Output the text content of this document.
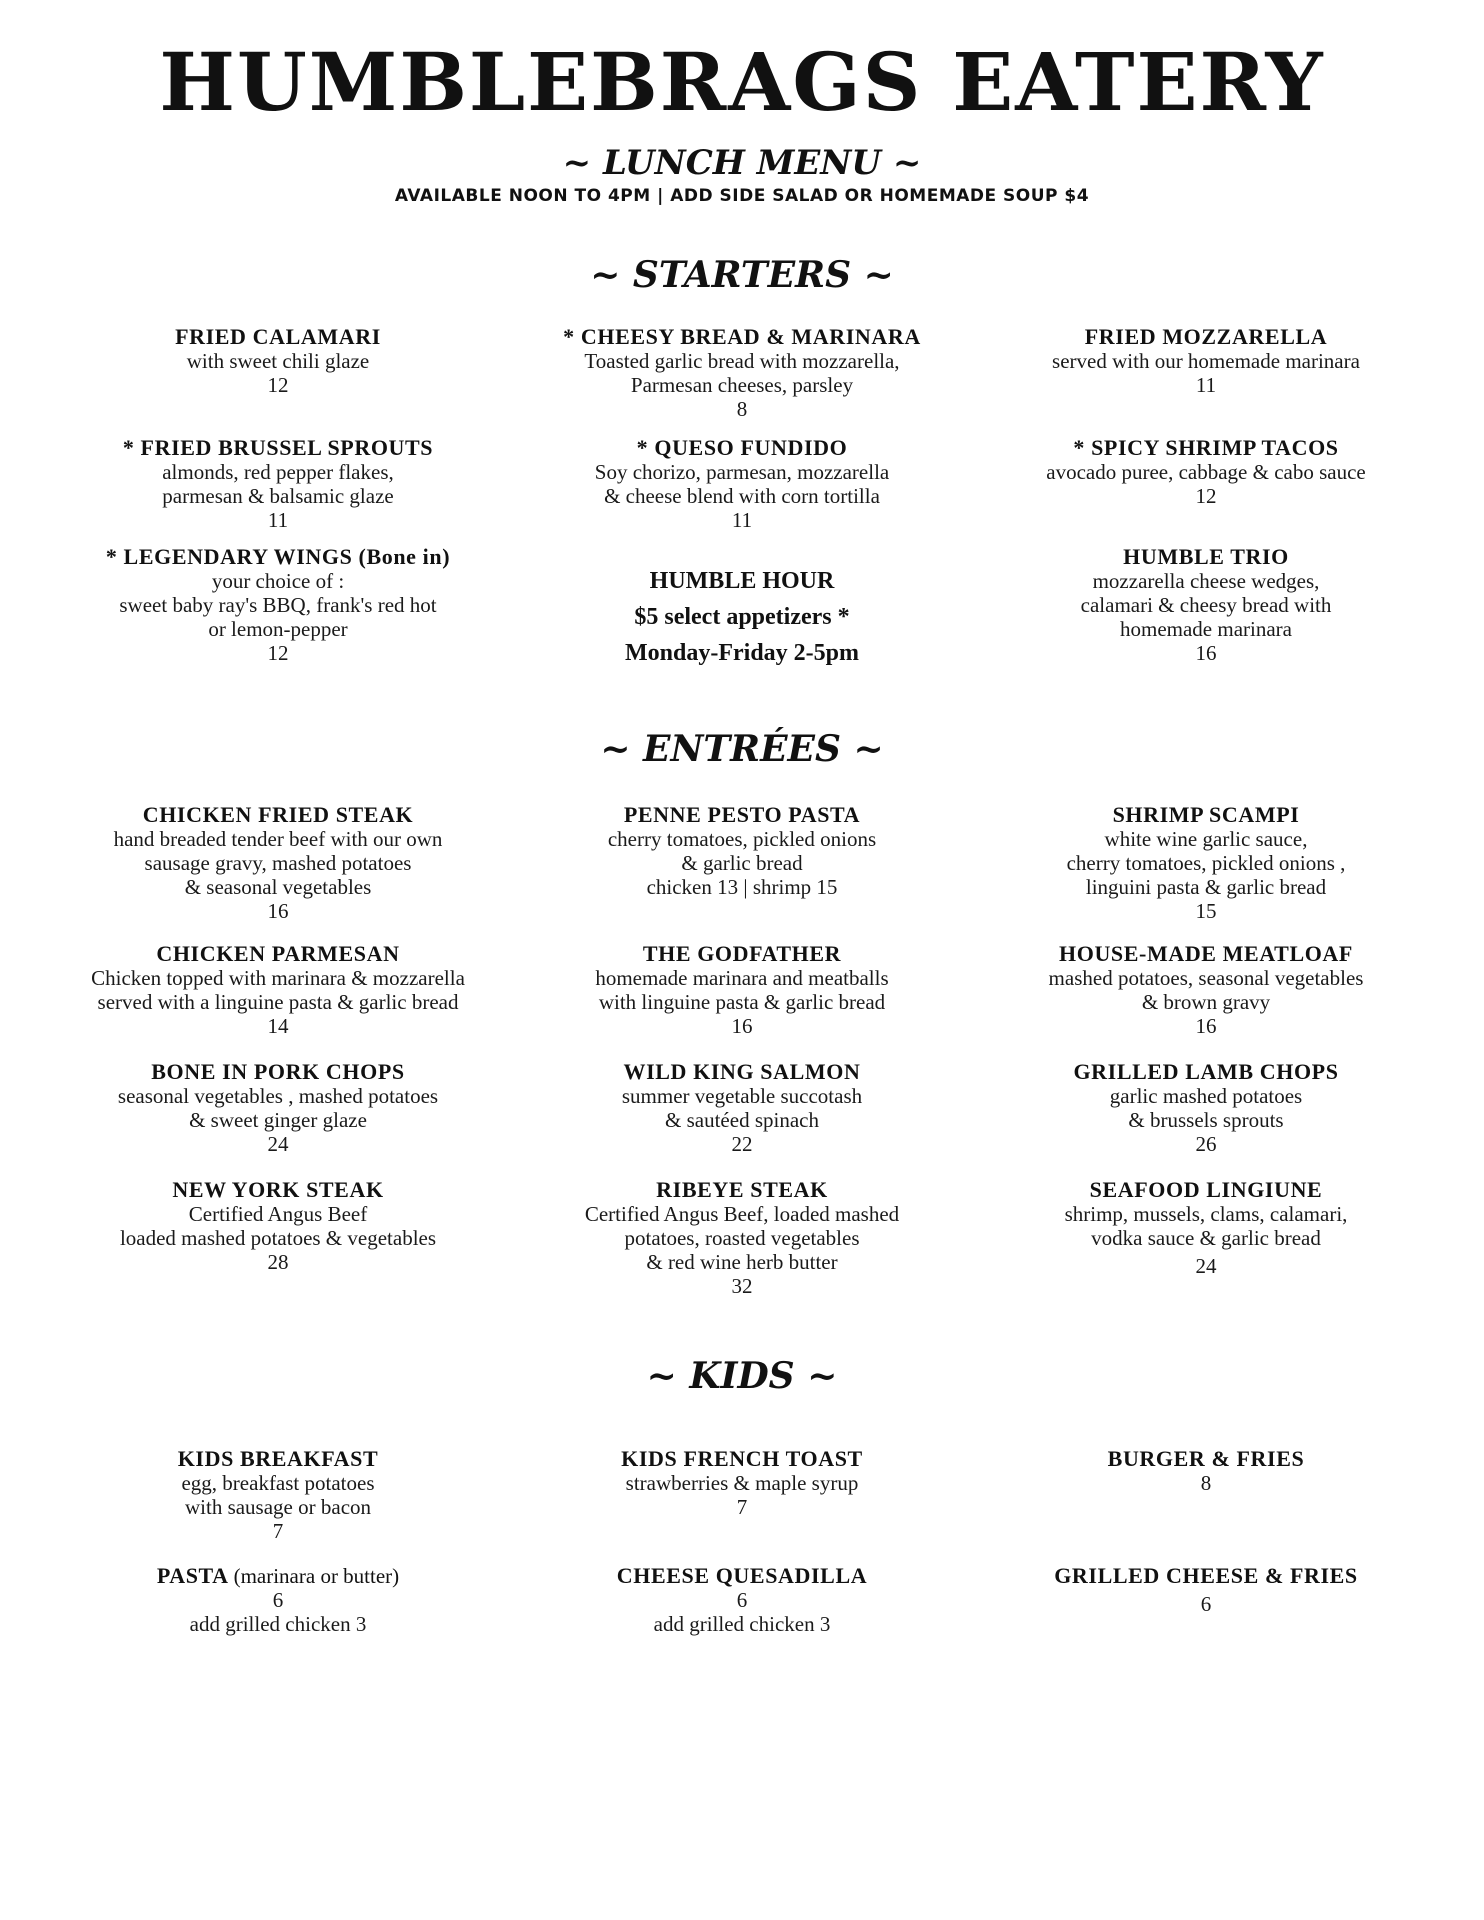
HUMBLEBRAGS EATERY
~ LUNCH MENU ~
AVAILABLE NOON TO 4PM | ADD SIDE SALAD OR HOMEMADE SOUP $4
~ STARTERS ~
FRIED CALAMARI
with sweet chili glaze
12
* CHEESY BREAD & MARINARA
Toasted garlic bread with mozzarella,
Parmesan cheeses, parsley
8
FRIED MOZZARELLA
served with our homemade marinara
11
* FRIED BRUSSEL SPROUTS
almonds, red pepper flakes,
parmesan & balsamic glaze
11
* QUESO FUNDIDO
Soy chorizo, parmesan, mozzarella
& cheese blend with corn tortilla
11
* SPICY SHRIMP TACOS
avocado puree, cabbage & cabo sauce
12
* LEGENDARY WINGS (Bone in)
your choice of :
sweet baby ray's BBQ, frank's red hot
or lemon-pepper
12
HUMBLE HOUR
$5 select appetizers *
Monday-Friday 2-5pm
HUMBLE TRIO
mozzarella cheese wedges,
calamari & cheesy bread with
homemade marinara
16
~ ENTRÉES ~
CHICKEN FRIED STEAK
hand breaded tender beef with our own
sausage gravy, mashed potatoes
& seasonal vegetables
16
PENNE PESTO PASTA
cherry tomatoes, pickled onions
& garlic bread
chicken 13 | shrimp 15
SHRIMP SCAMPI
white wine garlic sauce,
cherry tomatoes, pickled onions ,
linguini pasta & garlic bread
15
CHICKEN PARMESAN
Chicken topped with marinara & mozzarella
served with a linguine pasta & garlic bread
14
THE GODFATHER
homemade marinara and meatballs
with linguine pasta & garlic bread
16
HOUSE-MADE MEATLOAF
mashed potatoes, seasonal vegetables
& brown gravy
16
BONE IN PORK CHOPS
seasonal vegetables , mashed potatoes
& sweet ginger glaze
24
WILD KING SALMON
summer vegetable succotash
& sautéed spinach
22
GRILLED LAMB CHOPS
garlic mashed potatoes
& brussels sprouts
26
NEW YORK STEAK
Certified Angus Beef
loaded mashed potatoes & vegetables
28
RIBEYE STEAK
Certified Angus Beef, loaded mashed
potatoes, roasted vegetables
& red wine herb butter
32
SEAFOOD LINGIUNE
shrimp, mussels, clams, calamari,
vodka sauce & garlic bread
24
~ KIDS ~
KIDS BREAKFAST
egg, breakfast potatoes
with sausage or bacon
7
KIDS FRENCH TOAST
strawberries & maple syrup
7
BURGER & FRIES
8
PASTA (marinara or butter)
6
add grilled chicken 3
CHEESE QUESADILLA
6
add grilled chicken 3
GRILLED CHEESE & FRIES
6
